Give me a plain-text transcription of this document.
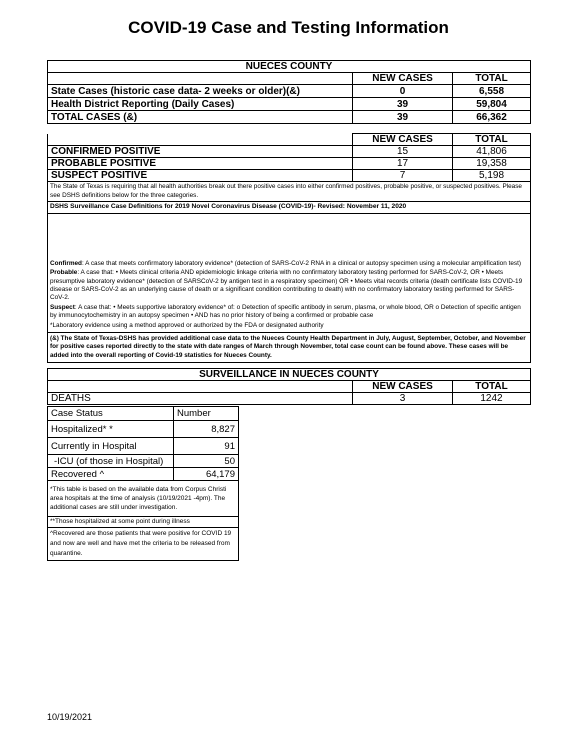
COVID-19 Case and Testing Information
NUECES COUNTY		
	NEW CASES	TOTAL
State Cases (historic case data- 2 weeks or older)(&)	0	6,558
Health District Reporting (Daily Cases)	39	59,804
TOTAL CASES (&)	39	66,362
	NEW CASES	TOTAL
CONFIRMED POSITIVE	15	41,806
PROBABLE POSITIVE	17	19,358
SUSPECT POSITIVE	7	5,198
The State of Texas is requiring that all health authorities break out there positive cases into either confirmed positives, probable positive, or suspected positives. Please see DSHS definitions below for the three categories.		
DSHS Surveillance Case Definitions for 2019 Novel Coronavirus Disease (COVID-19)- Revised: November 11, 2020		

Confirmed: A case that meets confirmatory laboratory evidence* (detection of SARS-CoV-2 RNA in a clinical or autopsy specimen using a molecular amplification test)
Probable: A case that: • Meets clinical criteria AND epidemiologic linkage criteria with no confirmatory laboratory testing performed for SARS-CoV-2, OR • Meets presumptive laboratory evidence* (detection of SARSCoV-2 by antigen test in a respiratory specimen) OR • Meets vital records criteria (death certificate lists COVID-19 disease or SARS-CoV-2 as an underlying cause of death or a significant condition contributing to death) with no confirmatory laboratory testing performed for SARS-CoV-2.
Suspect: A case that: • Meets supportive laboratory evidence* of: o Detection of specific antibody in serum, plasma, or whole blood, OR o Detection of specific antigen by immunocytochemistry in an autopsy specimen • AND has no prior history of being a confirmed or probable case
*Laboratory evidence using a method approved or authorized by the FDA or designated authority		

(&) The State of Texas-DSHS has provided additional case data to the Nueces County Health Department in July, August, September, October, and November for positive cases reported directly to the state with date ranges of March through November, total case count can be found above. These cases will be added into the overall reporting of Covid-19 statistics for Nueces County.		
SURVEILLANCE IN NUECES COUNTY		
	NEW CASES	TOTAL
DEATHS	3	1242
Case Status	Number
Hospitalized* *	8,827
Currently in Hospital	91
-ICU (of those in Hospital)	50
Recovered ^	64,179
*This table is based on the available data from Corpus Christi area hospitals at the time of analysis (10/19/2021 -4pm). The additional cases are still under investigation.	
**Those hospitalized at some point during illness	
^Recovered are those patients that were positive for COVID 19 and now are well and have met the criteria to be released from quarantine.	
10/19/2021
